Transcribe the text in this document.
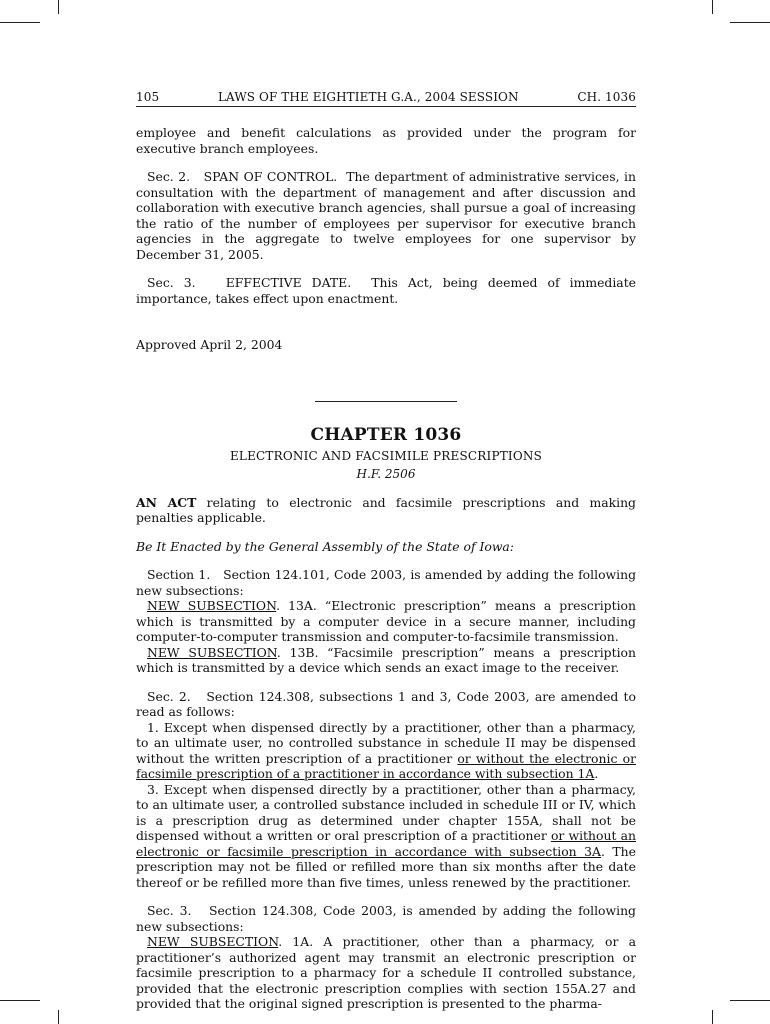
105	LAWS OF THE EIGHTIETH G.A., 2004 SESSION	CH. 1036

employee and benefit calculations as provided under the program for executive branch employees.

Sec. 2. SPAN OF CONTROL. The department of administrative services, in consultation with the department of management and after discussion and collaboration with executive branch agencies, shall pursue a goal of increasing the ratio of the number of employees per supervisor for executive branch agencies in the aggregate to twelve employees for one supervisor by December 31, 2005.

Sec. 3. EFFECTIVE DATE. This Act, being deemed of immediate importance, takes effect upon enactment.

Approved April 2, 2004

CHAPTER 1036
ELECTRONIC AND FACSIMILE PRESCRIPTIONS
H.F. 2506

AN ACT relating to electronic and facsimile prescriptions and making penalties applicable.

Be It Enacted by the General Assembly of the State of Iowa:

Section 1. Section 124.101, Code 2003, is amended by adding the following new subsections:

NEW SUBSECTION. 13A. “Electronic prescription” means a prescription which is transmitted by a computer device in a secure manner, including computer-to-computer transmission and computer-to-facsimile transmission.

NEW SUBSECTION. 13B. “Facsimile prescription” means a prescription which is transmitted by a device which sends an exact image to the receiver.

Sec. 2. Section 124.308, subsections 1 and 3, Code 2003, are amended to read as follows:

1. Except when dispensed directly by a practitioner, other than a pharmacy, to an ultimate user, no controlled substance in schedule II may be dispensed without the written prescription of a practitioner or without the electronic or facsimile prescription of a practitioner in accordance with subsection 1A.

3. Except when dispensed directly by a practitioner, other than a pharmacy, to an ultimate user, a controlled substance included in schedule III or IV, which is a prescription drug as determined under chapter 155A, shall not be dispensed without a written or oral prescription of a practitioner or without an electronic or facsimile prescription in accordance with subsection 3A. The prescription may not be filled or refilled more than six months after the date thereof or be refilled more than five times, unless renewed by the practitioner.

Sec. 3. Section 124.308, Code 2003, is amended by adding the following new subsections:

NEW SUBSECTION. 1A. A practitioner, other than a pharmacy, or a practitioner’s authorized agent may transmit an electronic prescription or facsimile prescription to a pharmacy for a schedule II controlled substance, provided that the electronic prescription complies with section 155A.27 and provided that the original signed prescription is presented to the pharma-
